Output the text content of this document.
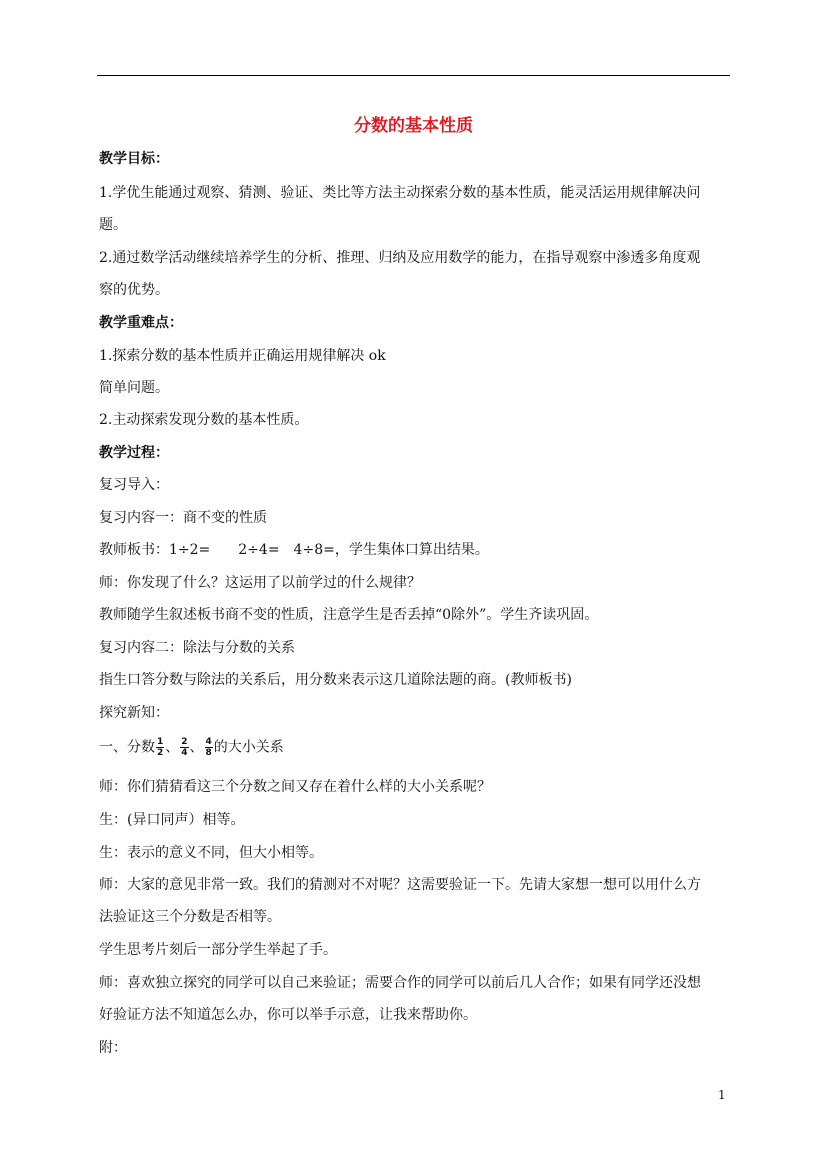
分数的基本性质
教学目标：
1.学优生能通过观察、猜测、验证、类比等方法主动探索分数的基本性质，能灵活运用规律解决问
题。
2.通过数学活动继续培养学生的分析、推理、归纳及应用数学的能力，在指导观察中渗透多角度观
察的优势。
教学重难点：
1.探索分数的基本性质并正确运用规律解决 ok
简单问题。
2.主动探索发现分数的基本性质。
教学过程：
复习导入：
复习内容一：商不变的性质
教师板书：1÷2=　　2÷4=　4÷8=，学生集体口算出结果。
师：你发现了什么？这运用了以前学过的什么规律？
教师随学生叙述板书商不变的性质，注意学生是否丢掉“0除外”。学生齐读巩固。
复习内容二：除法与分数的关系
指生口答分数与除法的关系后，用分数来表示这几道除法题的商。(教师板书)
探究新知：
一、分数 $\frac{1}{2}$ 、 $\frac{2}{4}$ 、 $\frac{4}{8}$ 的大小关系
师：你们猜猜看这三个分数之间又存在着什么样的大小关系呢？
生：(异口同声）相等。
生：表示的意义不同，但大小相等。
师：大家的意见非常一致。我们的猜测对不对呢？这需要验证一下。先请大家想一想可以用什么方
法验证这三个分数是否相等。
学生思考片刻后一部分学生举起了手。
师：喜欢独立探究的同学可以自己来验证；需要合作的同学可以前后几人合作；如果有同学还没想
好验证方法不知道怎么办，你可以举手示意，让我来帮助你。
附：
1
